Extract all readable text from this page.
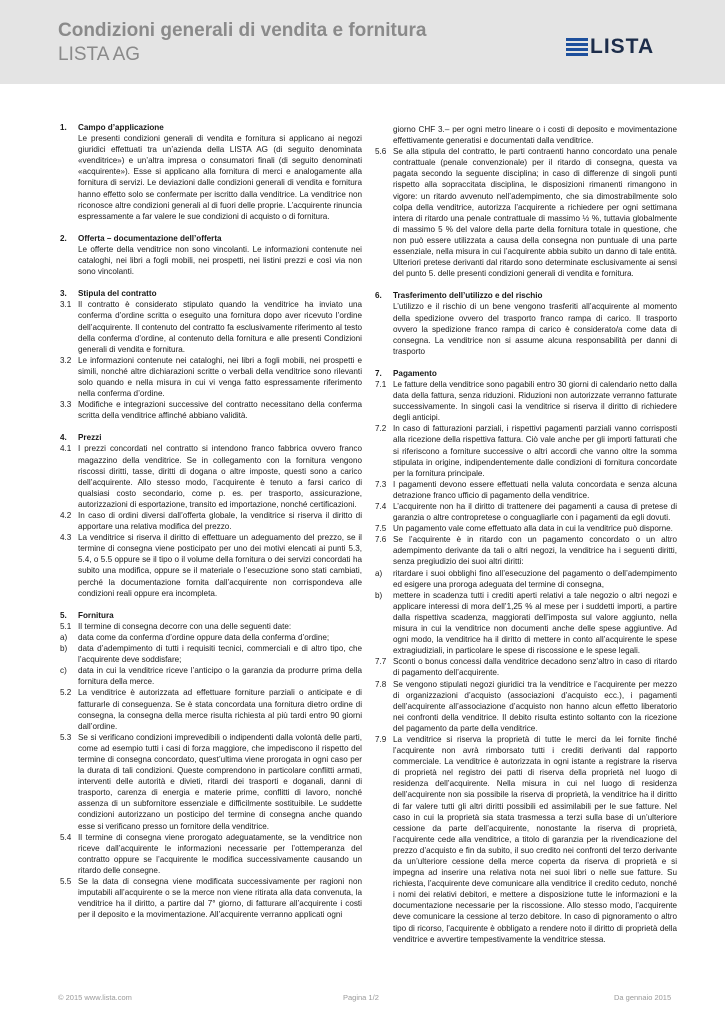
Condizioni generali di vendita e fornitura
LISTA AG	LISTA
1.	Campo d’applicazione
Le presenti condizioni generali di vendita e fornitura si applicano ai negozi giuridici effettuati tra un’azienda della LISTA AG (di seguito denominata «venditrice») e un’altra impresa o consumatori finali (di seguito denominati «acquirente»). Esse si applicano alla fornitura di merci e analogamente alla fornitura di servizi. Le deviazioni dalle condizioni generali di vendita e fornitura hanno effetto solo se confermate per iscritto dalla venditrice. La venditrice non riconosce altre condizioni generali al di fuori delle proprie. L’acquirente rinuncia espressamente a far valere le sue condizioni di acquisto o di fornitura.
2.	Offerta – documentazione dell’offerta
Le offerte della venditrice non sono vincolanti. Le informazioni contenute nei cataloghi, nei libri a fogli mobili, nei prospetti, nei listini prezzi e così via non sono vincolanti.
3.	Stipula del contratto
3.1 Il contratto è considerato stipulato quando la venditrice ha inviato una conferma d’ordine scritta o eseguito una fornitura dopo aver ricevuto l’ordine dell’acquirente. Il contenuto del contratto fa esclusivamente riferimento al testo della conferma d’ordine, al contenuto della fornitura e alle presenti Condizioni generali di vendita e fornitura.
3.2 Le informazioni contenute nei cataloghi, nei libri a fogli mobili, nei prospetti e simili, nonché altre dichiarazioni scritte o verbali della venditrice sono rilevanti solo quando e nella misura in cui vi venga fatto espressamente riferimento nella conferma d’ordine.
3.3 Modifiche e integrazioni successive del contratto necessitano della conferma scritta della venditrice affinché abbiano validità.
4.	Prezzi
4.1 I prezzi concordati nel contratto si intendono franco fabbrica ovvero franco magazzino della venditrice. Se in collegamento con la fornitura vengono riscossi diritti, tasse, diritti di dogana o altre imposte, questi sono a carico dell’acquirente. Allo stesso modo, l’acquirente è tenuto a farsi carico di qualsiasi costo secondario, come p. es. per trasporto, assicurazione, autorizzazioni di esportazione, transito ed importazione, nonché certificazioni.
4.2 In caso di ordini diversi dall’offerta globale, la venditrice si riserva il diritto di apportare una relativa modifica del prezzo.
4.3 La venditrice si riserva il diritto di effettuare un adeguamento del prezzo, se il termine di consegna viene posticipato per uno dei motivi elencati ai punti 5.3, 5.4, o 5.5 oppure se il tipo o il volume della fornitura o dei servizi concordati ha subito una modifica, oppure se il materiale o l’esecuzione sono stati cambiati, perché la documentazione fornita dall’acquirente non corrispondeva alle condizioni reali oppure era incompleta.
5.	Fornitura
5.1 Il termine di consegna decorre con una delle seguenti date:
a)	data come da conferma d’ordine oppure data della conferma d’ordine;
b)	data d’adempimento di tutti i requisiti tecnici, commerciali e di altro tipo, che l’acquirente deve soddisfare;
c)	data in cui la venditrice riceve l’anticipo o la garanzia da produrre prima della fornitura della merce.
5.2 La venditrice è autorizzata ad effettuare forniture parziali o anticipate e di fatturarle di conseguenza. Se è stata concordata una fornitura dietro ordine di consegna, la consegna della merce risulta richiesta al più tardi entro 90 giorni dall’ordine.
5.3 Se si verificano condizioni imprevedibili o indipendenti dalla volontà delle parti, come ad esempio tutti i casi di forza maggiore, che impediscono il rispetto del termine di consegna concordato, quest’ultima viene prorogata in ogni caso per la durata di tali condizioni. Queste comprendono in particolare conflitti armati, interventi delle autorità e divieti, ritardi dei trasporti e doganali, danni di trasporto, carenza di energia e materie prime, conflitti di lavoro, nonché assenza di un subfornitore essenziale e difficilmente sostituibile. Le suddette condizioni autorizzano un posticipo del termine di consegna anche quando esse si verificano presso un fornitore della venditrice.
5.4 Il termine di consegna viene prorogato adeguatamente, se la venditrice non riceve dall’acquirente le informazioni necessarie per l’ottemperanza del contratto oppure se l’acquirente le modifica successivamente causando un ritardo delle consegne.
5.5 Se la data di consegna viene modificata successivamente per ragioni non imputabili all’acquirente o se la merce non viene ritirata alla data convenuta, la venditrice ha il diritto, a partire dal 7° giorno, di fatturare all’acquirente i costi per il deposito e la movimentazione. All’acquirente verranno applicati ogni
giorno CHF 3.– per ogni metro lineare o i costi di deposito e movimentazione effettivamente generatisi e documentati dalla venditrice.
5.6 Se alla stipula del contratto, le parti contraenti hanno concordato una penale contrattuale (penale convenzionale) per il ritardo di consegna, questa va pagata secondo la seguente disciplina; in caso di differenze di singoli punti rispetto alla sopraccitata disciplina, le disposizioni rimanenti rimangono in vigore: un ritardo avvenuto nell’adempimento, che sia dimostrabilmente solo colpa della venditrice, autorizza l’acquirente a richiedere per ogni settimana intera di ritardo una penale contrattuale di massimo ½ %, tuttavia globalmente di massimo 5 % del valore della parte della fornitura totale in questione, che non può essere utilizzata a causa della consegna non puntuale di una parte essenziale, nella misura in cui l’acquirente abbia subito un danno di tale entità. Ulteriori pretese derivanti dal ritardo sono determinate esclusivamente ai sensi del punto 5. delle presenti condizioni generali di vendita e fornitura.
6.	Trasferimento dell’utilizzo e del rischio
L’utilizzo e il rischio di un bene vengono trasferiti all’acquirente al momento della spedizione ovvero del trasporto franco rampa di carico. Il trasporto ovvero la spedizione franco rampa di carico è considerato/a come data di consegna. La venditrice non si assume alcuna responsabilità per danni di trasporto
7.	Pagamento
7.1 Le fatture della venditrice sono pagabili entro 30 giorni di calendario netto dalla data della fattura, senza riduzioni. Riduzioni non autorizzate verranno fatturate successivamente. In singoli casi la venditrice si riserva il diritto di richiedere degli anticipi.
7.2 In caso di fatturazioni parziali, i rispettivi pagamenti parziali vanno corrisposti alla ricezione della rispettiva fattura. Ciò vale anche per gli importi fatturati che si riferiscono a forniture successive o altri accordi che vanno oltre la somma stipulata in origine, indipendentemente dalle condizioni di fornitura concordate per la fornitura principale.
7.3 I pagamenti devono essere effettuati nella valuta concordata e senza alcuna detrazione franco ufficio di pagamento della venditrice.
7.4 L’acquirente non ha il diritto di trattenere dei pagamenti a causa di pretese di garanzia o altre contropretese o conguagliarle con i pagamenti da egli dovuti.
7.5 Un pagamento vale come effettuato alla data in cui la venditrice può disporne.
7.6 Se l’acquirente è in ritardo con un pagamento concordato o un altro adempimento derivante da tali o altri negozi, la venditrice ha i seguenti diritti, senza pregiudizio dei suoi altri diritti:
a)	ritardare i suoi obblighi fino all’esecuzione del pagamento o dell’adempimento ed esigere una proroga adeguata del termine di consegna,
b)	mettere in scadenza tutti i crediti aperti relativi a tale negozio o altri negozi e applicare interessi di mora dell’1,25 % al mese per i suddetti importi, a partire dalla rispettiva scadenza, maggiorati dell’imposta sul valore aggiunto, nella misura in cui la venditrice non documenti anche delle spese aggiuntive. Ad ogni modo, la venditrice ha il diritto di mettere in conto all’acquirente le spese extragiudiziali, in particolare le spese di riscossione e le spese legali.
7.7 Sconti o bonus concessi dalla venditrice decadono senz’altro in caso di ritardo di pagamento dell’acquirente.
7.8 Se vengono stipulati negozi giuridici tra la venditrice e l’acquirente per mezzo di organizzazioni d’acquisto (associazioni d’acquisto ecc.), i pagamenti dell’acquirente all’associazione d’acquisto non hanno alcun effetto liberatorio nei confronti della venditrice. Il debito risulta estinto soltanto con la ricezione del pagamento da parte della venditrice.
7.9 La venditrice si riserva la proprietà di tutte le merci da lei fornite finché l’acquirente non avrà rimborsato tutti i crediti derivanti dal rapporto commerciale. La venditrice è autorizzata in ogni istante a registrare la riserva di proprietà nel registro dei patti di riserva della proprietà nel luogo di residenza dell’acquirente. Nella misura in cui nel luogo di residenza dell’acquirente non sia possibile la riserva di proprietà, la venditrice ha il diritto di far valere tutti gli altri diritti possibili ed assimilabili per le sue fatture. Nel caso in cui la proprietà sia stata trasmessa a terzi sulla base di un’ulteriore cessione da parte dell’acquirente, nonostante la riserva di proprietà, l’acquirente cede alla venditrice, a titolo di garanzia per la rivendicazione del prezzo d’acquisto e fin da subito, il suo credito nei confronti del terzo derivante da un’ulteriore cessione della merce coperta da riserva di proprietà e si impegna ad inserire una relativa nota nei suoi libri o nelle sue fatture. Su richiesta, l’acquirente deve comunicare alla venditrice il credito ceduto, nonché i nomi dei relativi debitori, e mettere a disposizione tutte le informazioni e la documentazione necessarie per la riscossione. Allo stesso modo, l’acquirente deve comunicare la cessione al terzo debitore. In caso di pignoramento o altro tipo di ricorso, l’acquirente è obbligato a rendere noto il diritto di proprietà della venditrice e avvertire tempestivamente la venditrice stessa.
© 2015 www.lista.com	Pagina 1/2	Da gennaio 2015
